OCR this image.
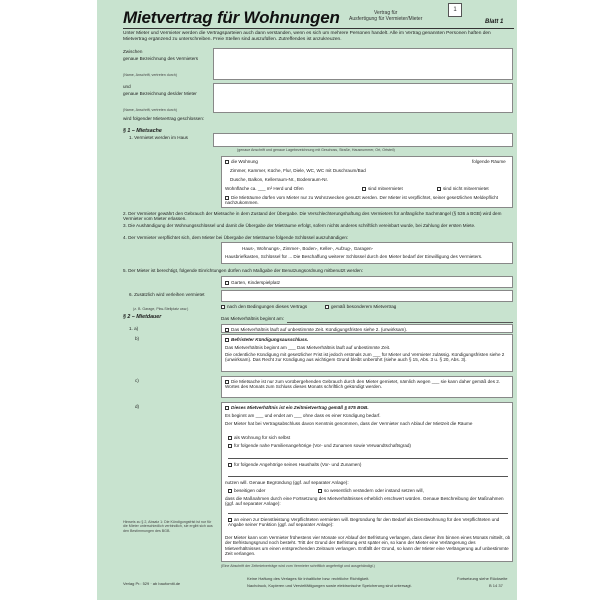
Mietvertrag für Wohnungen	Vertrag für
Ausfertigung für Vermieter/Mieter
1
Blatt 1
Unter Mieter und Vermieter werden die Vertragsparteien auch dann verstanden, wenn es sich um mehrere Personen handelt. Alle im Vertrag genannten Personen haften den Mietvertrag ergänzend zu unterschreiben. Freie Stellen sind auszufüllen. Zutreffendes ist anzukreuzen.
Zwischen
genaue Bezeichnung des Vermieters
(Name, Anschrift, vertreten durch)
und
genaue Bezeichnung des/der Mieter
(Name, Anschrift, vertreten durch)
wird folgender Mietvertrag geschlossen:
§ 1 – Mietsache
1. Vermietet werden im Haus
(genaue Anschrift und genaue Lagebezeichnung mit Geschoss, Straße, Hausnummer, Ort, Ortsteil)
die Wohnung	folgende Räume
Zimmer, Kammer, Küche, Flur, Diele, WC, WC mit Duschraum/Bad
Dusche, Balkon, Kellerraum-Nr., Bodenraum-Nr.
Wohnfläche ca. ___ m² Herd und Ofen	sind mitvermietet	sind nicht mitvermietet
Die Mieträume dürfen vom Mieter nur zu Wohnzwecken genutzt werden. Der Mieter ist verpflichtet, seiner gesetzlichen Meldepflicht nachzukommen.
2. Der Vermieter gewährt den Gebrauch der Mietsache in dem Zustand der Übergabe. Die Verschlechterungshaftung des Vermieters für anfängliche Sachmängel (§ 536 a BGB) wird dem Vermieter vom Mieter erlassen.
3. Die Aushändigung der Wohnungsschlüssel und damit die Übergabe der Mieträume erfolgt, sofern nichts anderes schriftlich vereinbart wurde, bei Zahlung der ersten Miete.
4. Der Vermieter verpflichtet sich, dem Mieter bei Übergabe der Mieträume folgende Schlüssel auszuhändigen:
Haus-, Wohnungs-, Zimmer-, Boden-, Keller-, Aufzug-, Garagen-
Hausbriefkasten, Schlüssel für ... Die Beschaffung weiterer Schlüssel durch den Mieter bedarf der Einwilligung des Vermieters.
5. Der Mieter ist berechtigt, folgende Einrichtungen dürfen nach Maßgabe der Benutzungsordnung mitbenutzt werden:
Garten, Kinderspielplatz
6. Zusätzlich wird verleihen vermietet
(z. B. Garage, Pkw-Stellplatz usw.)	nach den Bedingungen dieses Vertrags	gemäß besonderem Mietvertrag
§ 2 – Mietdauer	Das Mietverhältnis beginnt am:
1. a)	Das Mietverhältnis läuft auf unbestimmte Zeit. Kündigungsfristen siehe 2. (unwirksam).
b)	Befristeter Kündigungsausschluss.
Das Mietverhältnis beginnt am ___ Das Mietverhältnis läuft auf unbestimmte Zeit.
Die ordentliche Kündigung mit gesetzlicher Frist ist jedoch erstmals zum ___ für Mieter und Vermieter zulässig. Kündigungsfristen siehe 2 (unwirksam). Das Recht zur Kündigung aus wichtigem Grund bleibt unberührt (siehe auch § 15, Abs. 3 u. § 20, Abs. 3).
c)	Die Mietsache ist nur zum vorübergehenden Gebrauch durch den Mieter gemietet, nämlich wegen ___ sie kann daher gemäß des 2. Wortes des Monats zum Schluss dieses Monats schriftlich gekündigt werden.
d)	Dieses Mietverhältnis ist ein Zeitmietvertrag gemäß § 575 BGB.
Es beginnt am ___ und endet am ___ ohne dass es einer Kündigung bedarf.
Der Mieter hat bei Vertragsabschluss davon Kenntnis genommen, dass der Vermieter nach Ablauf der Mietzeit die Räume
als Wohnung für sich selbst
für folgende nahe Familienangehörige (Vor- und Zunamen sowie Verwandtschaftsgrad)
für folgende Angehörige seines Haushalts (Vor- und Zunamen)
nutzen will. Genaue Begründung (ggf. auf separater Anlage):
beseitigen oder	so wesentlich verändern oder instand setzen will,
dass die Maßnahmen durch eine Fortsetzung des Mietverhältnisses erheblich erschwert würden. Genaue Beschreibung der Maßnahmen (ggf. auf separater Anlage):
an einen zur Dienstleistung Verpflichteten vermieten will. Begründung für den Bedarf als Dienstwohnung für den Verpflichteten und Angabe seiner Funktion (ggf. auf separater Anlage):
Der Mieter kann vom Vermieter frühestens vier Monate vor Ablauf der Befristung verlangen, dass dieser ihm binnen eines Monats mitteilt, ob der Befristungsgrund noch besteht. Tritt der Grund der Befristung erst später ein, so kann der Mieter eine Verlängerung des Mietverhältnisses um einen entsprechenden Zeitraum verlangen. Entfällt der Grund, so kann der Mieter eine Verlängerung auf unbestimmte Zeit verlangen.
(Eine Abschrift der Zeitmietverträge wird vom Vermieter schriftlich angefertigt und ausgehändigt.)
Hinweis zu § 2, Absatz 1: Die Kündigungsfrist ist nur für die Mieter unterschiedlich verbindlich, sie ergibt sich aus den Bestimmungen des BGB.
Verlag Pr.: 529 · ab baufomiti.de
Keine Haftung des Verlages für inhaltliche bzw. rechtliche Richtigkeit.
Nachdruck, Kopieren und Vervielfältigungen sowie elektronische Speicherung sind untersagt.
Fortsetzung siehe Rückseite
B 14 37
